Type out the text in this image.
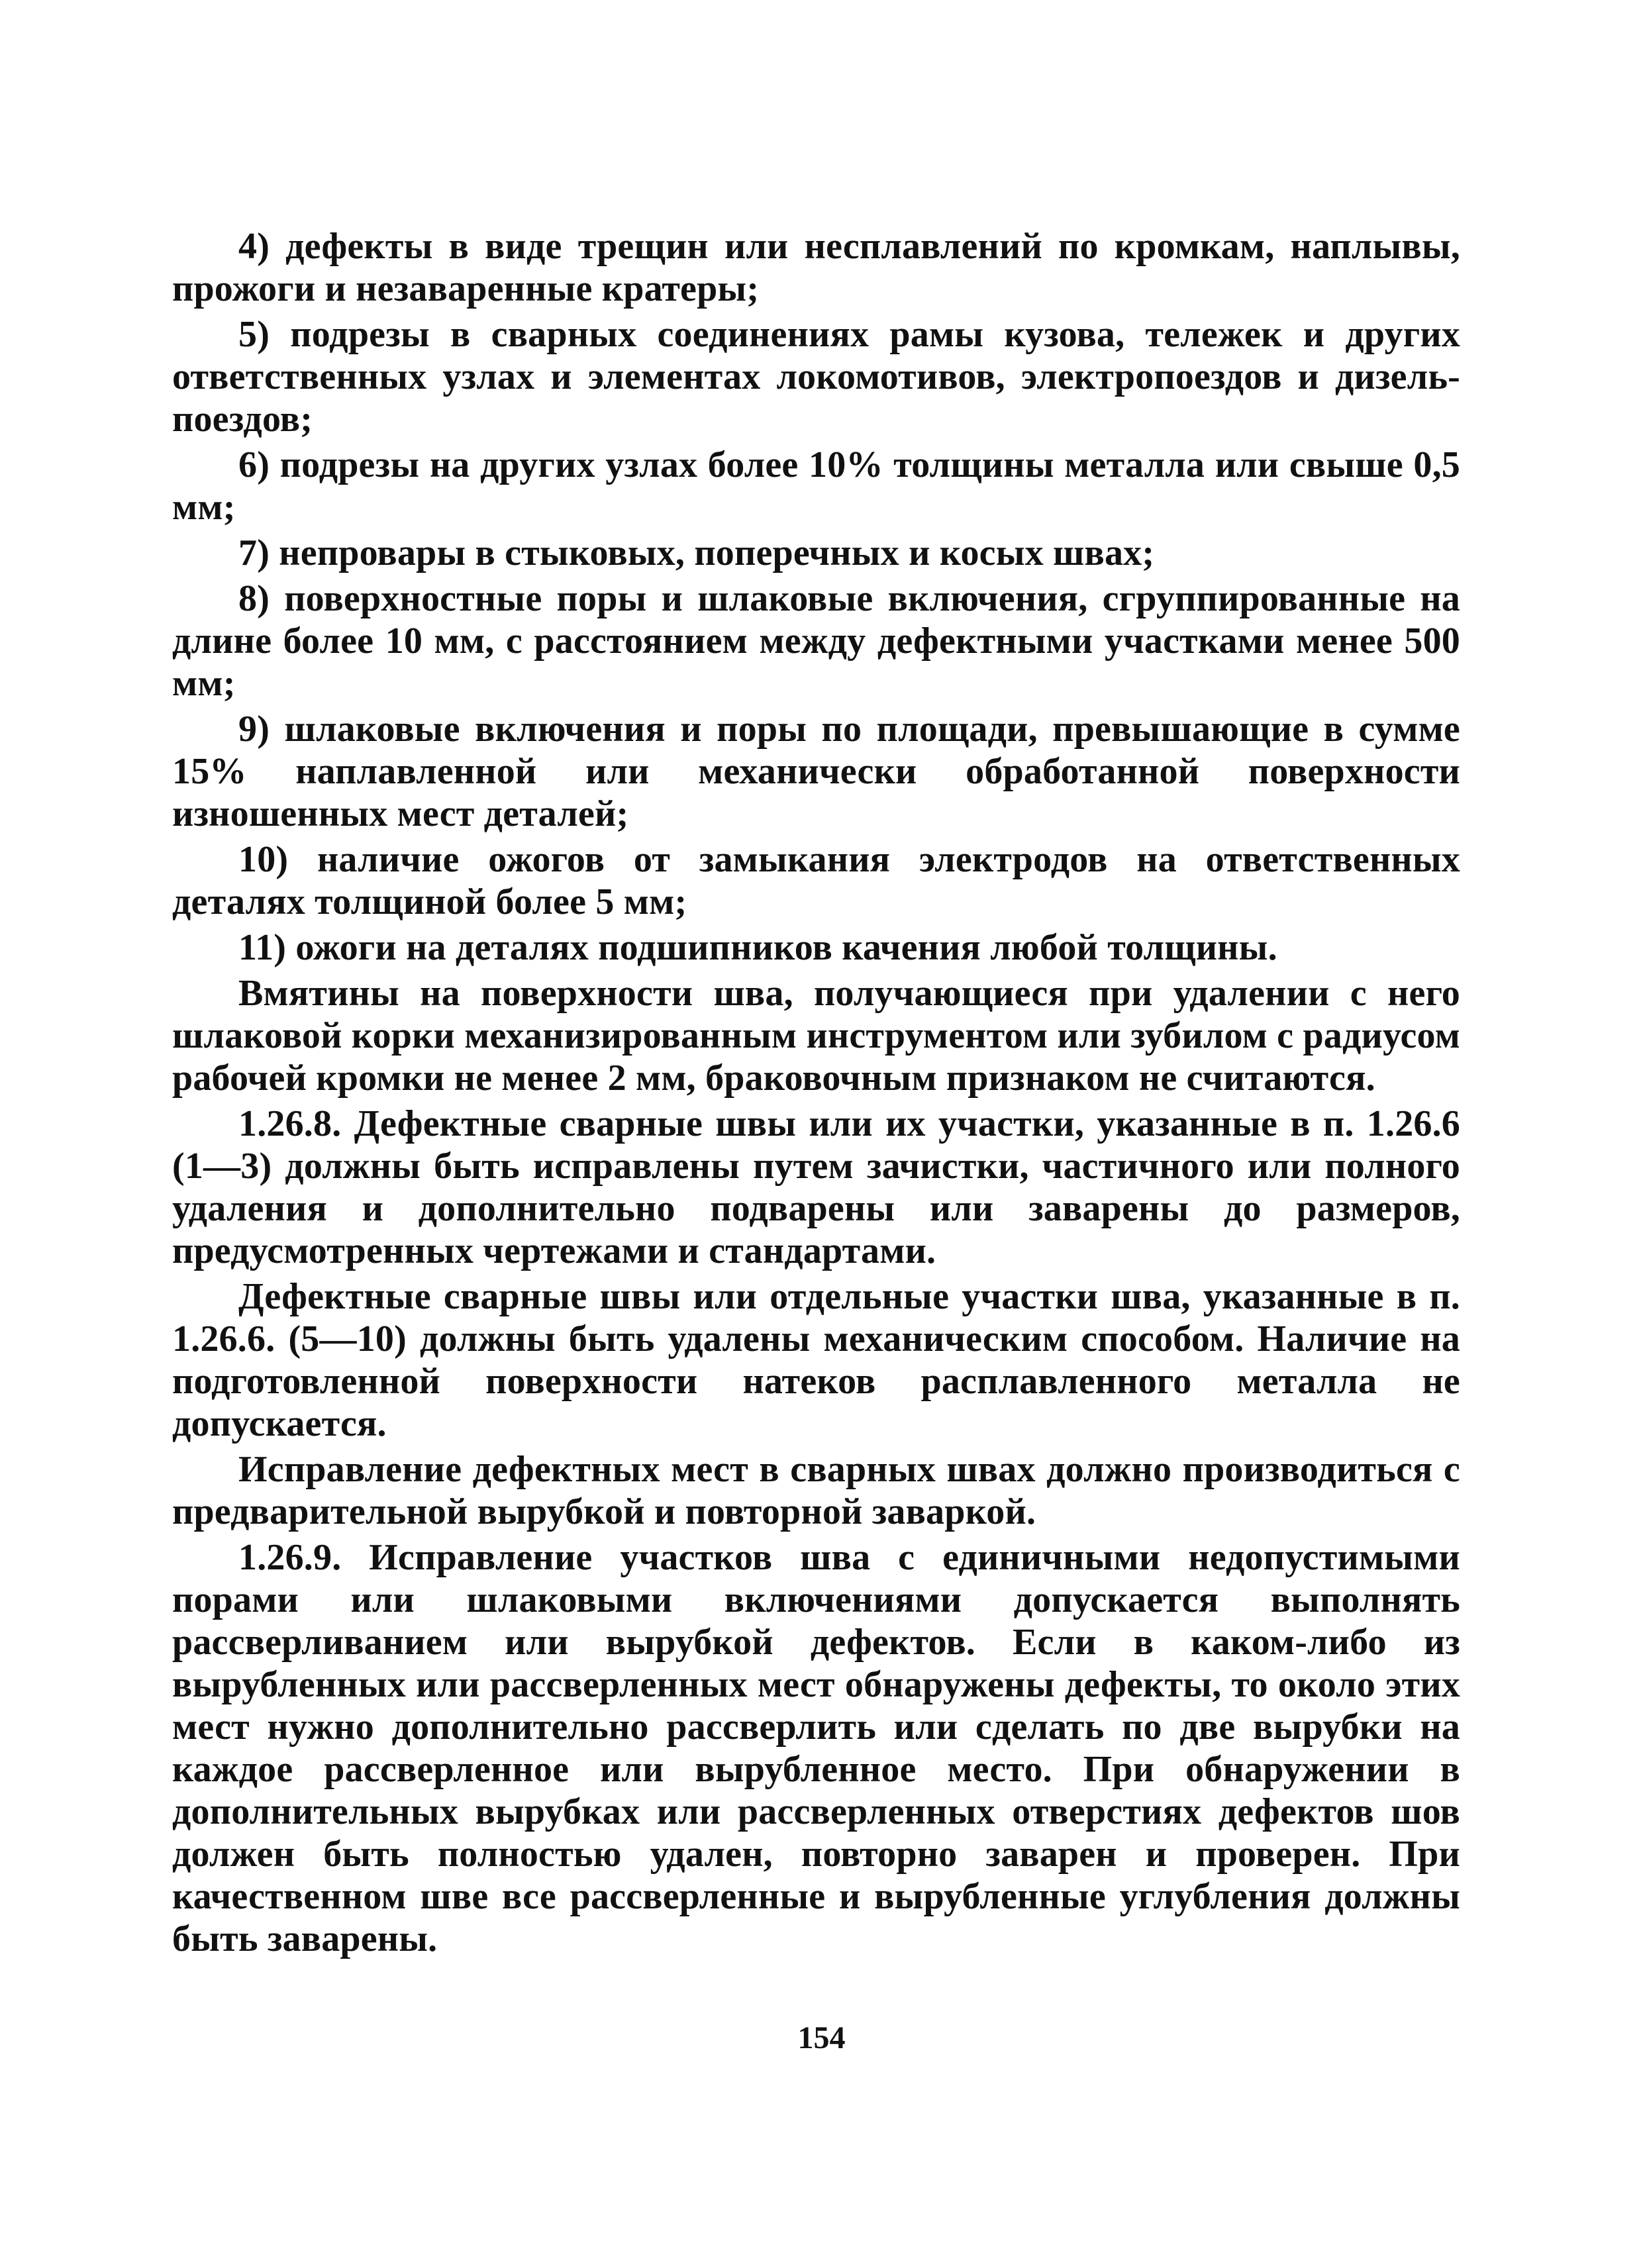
4) дефекты в виде трещин или несплавлений по кромкам, наплывы, прожоги и незаваренные кратеры;

5) подрезы в сварных соединениях рамы кузова, тележек и других ответственных узлах и элементах локомотивов, электропоездов и дизель-поездов;

6) подрезы на других узлах более 10% толщины металла или свыше 0,5 мм;

7) непровары в стыковых, поперечных и косых швах;

8) поверхностные поры и шлаковые включения, сгруппированные на длине более 10 мм, с расстоянием между дефектными участками менее 500 мм;

9) шлаковые включения и поры по площади, превышающие в сумме 15% наплавленной или механически обработанной поверхности изношенных мест деталей;

10) наличие ожогов от замыкания электродов на ответственных деталях толщиной более 5 мм;

11) ожоги на деталях подшипников качения любой толщины.

Вмятины на поверхности шва, получающиеся при удалении с него шлаковой корки механизированным инструментом или зубилом с радиусом рабочей кромки не менее 2 мм, браковочным признаком не считаются.

1.26.8. Дефектные сварные швы или их участки, указанные в п. 1.26.6 (1—3) должны быть исправлены путем зачистки, частичного или полного удаления и дополнительно подварены или заварены до размеров, предусмотренных чертежами и стандартами.

Дефектные сварные швы или отдельные участки шва, указанные в п. 1.26.6. (5—10) должны быть удалены механическим способом. Наличие на подготовленной поверхности натеков расплавленного металла не допускается.

Исправление дефектных мест в сварных швах должно производиться с предварительной вырубкой и повторной заваркой.

1.26.9. Исправление участков шва с единичными недопустимыми порами или шлаковыми включениями допускается выполнять рассверливанием или вырубкой дефектов. Если в каком-либо из вырубленных или рассверленных мест обнаружены дефекты, то около этих мест нужно дополнительно рассверлить или сделать по две вырубки на каждое рассверленное или вырубленное место. При обнаружении в дополнительных вырубках или рассверленных отверстиях дефектов шов должен быть полностью удален, повторно заварен и проверен. При качественном шве все рассверленные и вырубленные углубления должны быть заварены.

154
